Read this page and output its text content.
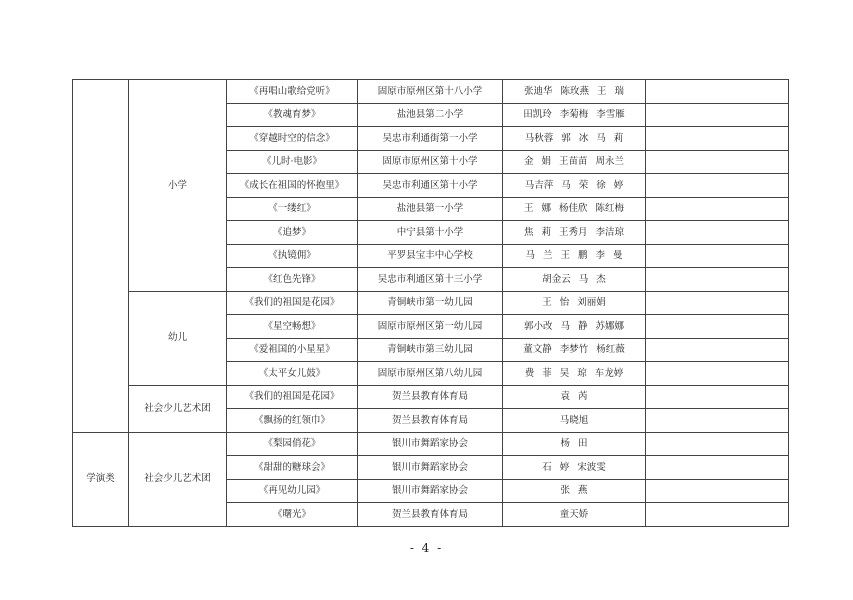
	小学	《再唱山歌给党听》	固原市原州区第十八小学	张迪华 陈玫燕 王 瑞	
		《教魂育梦》	盐池县第二小学	田凯玲 李菊梅 李雪雁	
		《穿越时空的信念》	吴忠市利通街第一小学	马秋蓉 郭 冰 马 莉	
		《儿时·电影》	固原市原州区第十小学	金 娟 王苗苗 周永兰	
		《成长在祖国的怀抱里》	吴忠市利通区第十小学	马吉萍 马 荣 徐 婷	
		《一缕红》	盐池县第一小学	王 娜 杨佳欣 陈红梅	
		《追梦》	中宁县第十小学	焦 莉 王秀月 李洁琼	
		《执镜佣》	平罗县宝丰中心学校	马 兰 王 鹏 李 曼	
		《红色先锋》	吴忠市利通区第十三小学	胡金云 马 杰	
	幼儿	《我们的祖国是花园》	青铜峡市第一幼儿园	王 怡 刘丽娟	
		《星空畅想》	固原市原州区第一幼儿园	郭小改 马 静 苏娜娜	
		《爱祖国的小星星》	青铜峡市第三幼儿园	董文静 李梦竹 杨红薇	
		《太平女儿鼓》	固原市原州区第八幼儿园	费 菲 吴 琼 车龙婷	
	社会少儿艺术团	《我们的祖国是花园》	贺兰县教育体育局	袁 芮	
		《飘扬的红领巾》	贺兰县教育体育局	马晓旭	
学演类	社会少儿艺术团	《梨园俏花》	银川市舞蹈家协会	杨 田	
		《甜甜的糖球会》	银川市舞蹈家协会	石 婷 宋波雯	
		《再见幼儿园》	银川市舞蹈家协会	张 燕	
		《曙光》	贺兰县教育体育局	童天娇	
- 4 -
